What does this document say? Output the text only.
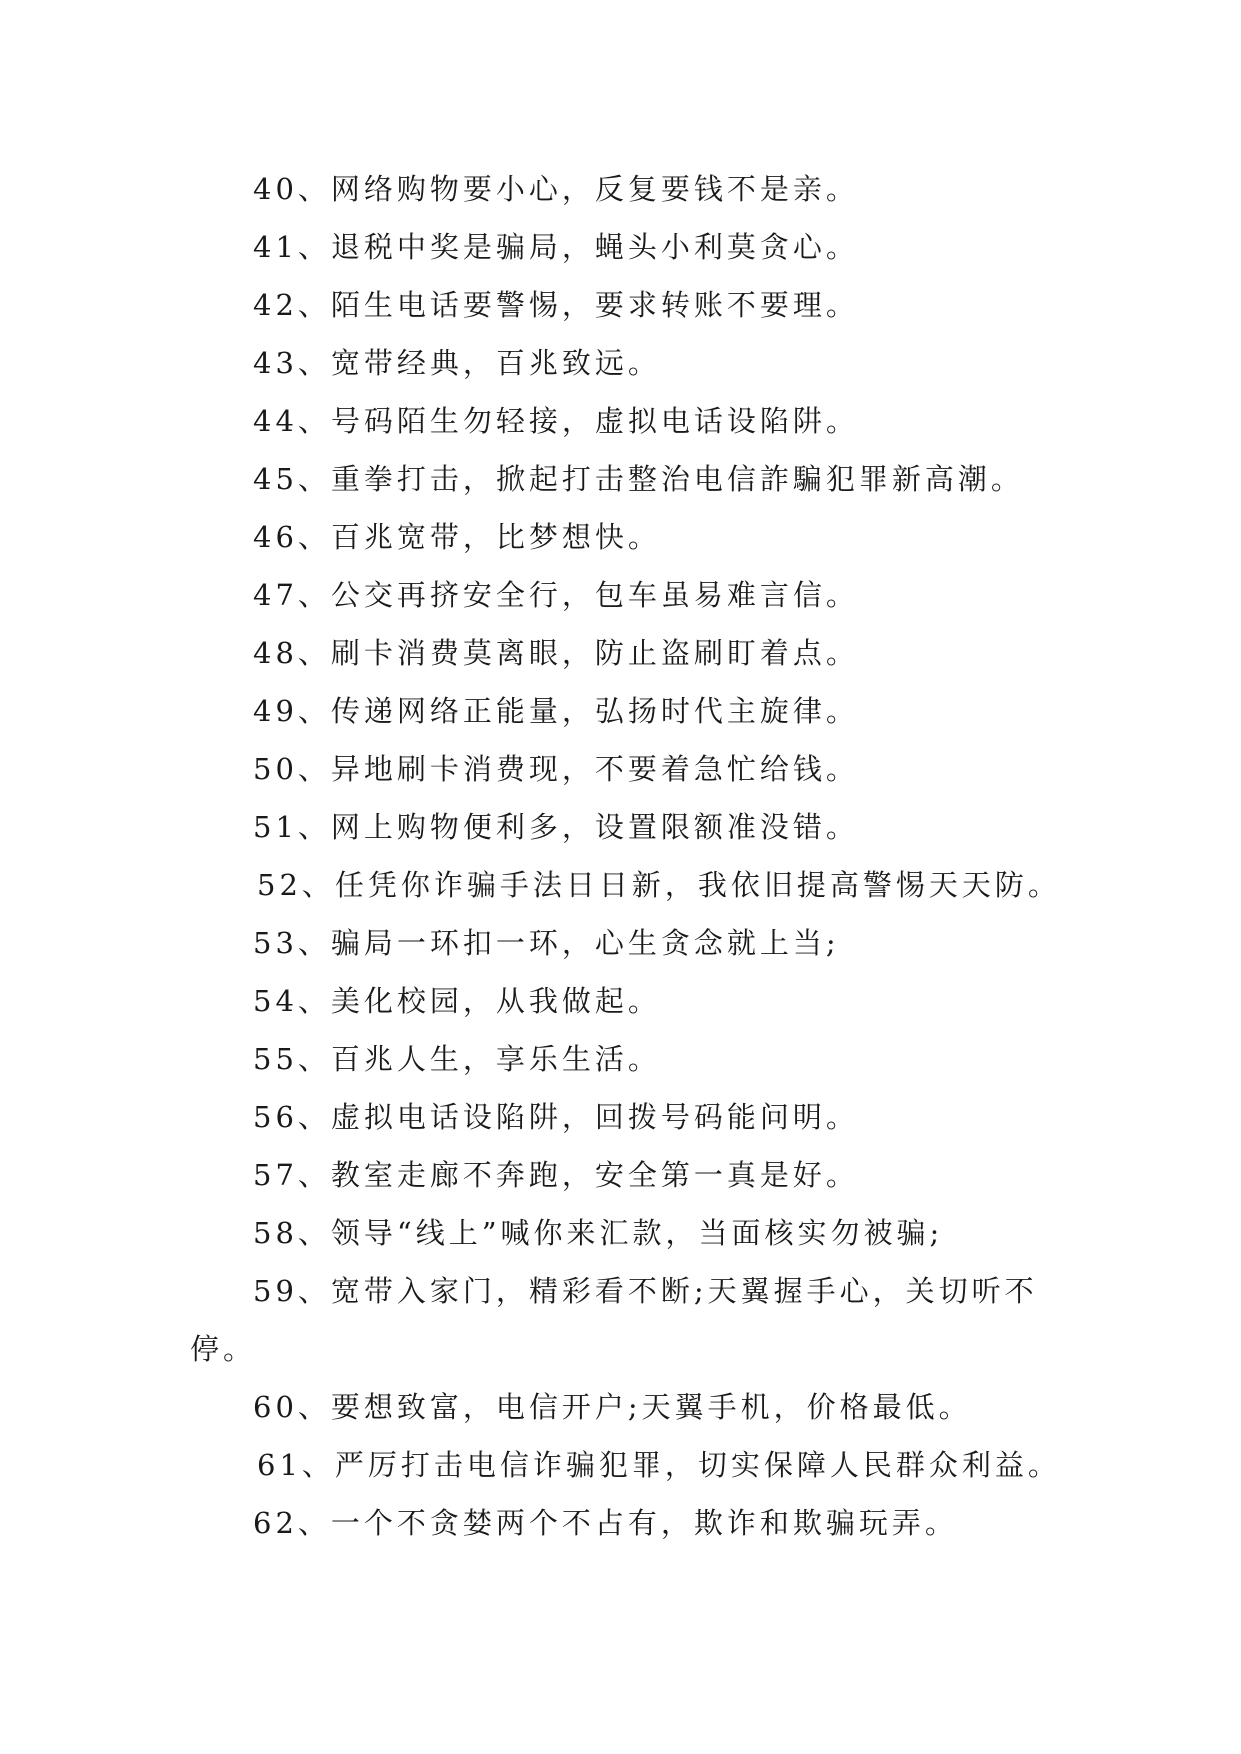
40、网络购物要小心，反复要钱不是亲。
41、退税中奖是骗局，蝇头小利莫贪心。
42、陌生电话要警惕，要求转账不要理。
43、宽带经典，百兆致远。
44、号码陌生勿轻接，虚拟电话设陷阱。
45、重拳打击，掀起打击整治电信詐騙犯罪新高潮。
46、百兆宽带，比梦想快。
47、公交再挤安全行，包车虽易难言信。
48、刷卡消费莫离眼，防止盗刷盯着点。
49、传递网络正能量，弘扬时代主旋律。
50、异地刷卡消费现，不要着急忙给钱。
51、网上购物便利多，设置限额准没错。
52、任凭你诈骗手法日日新，我依旧提高警惕天天防。
53、骗局一环扣一环，心生贪念就上当;
54、美化校园，从我做起。
55、百兆人生，享乐生活。
56、虚拟电话设陷阱，回拨号码能问明。
57、教室走廊不奔跑，安全第一真是好。
58、领导“线上”喊你来汇款，当面核实勿被骗;
59、宽带入家门，精彩看不断;天翼握手心，关切听不
停。
60、要想致富，电信开户;天翼手机，价格最低。
61、严厉打击电信诈骗犯罪，切实保障人民群众利益。
62、一个不贪婪两个不占有，欺诈和欺骗玩弄。
